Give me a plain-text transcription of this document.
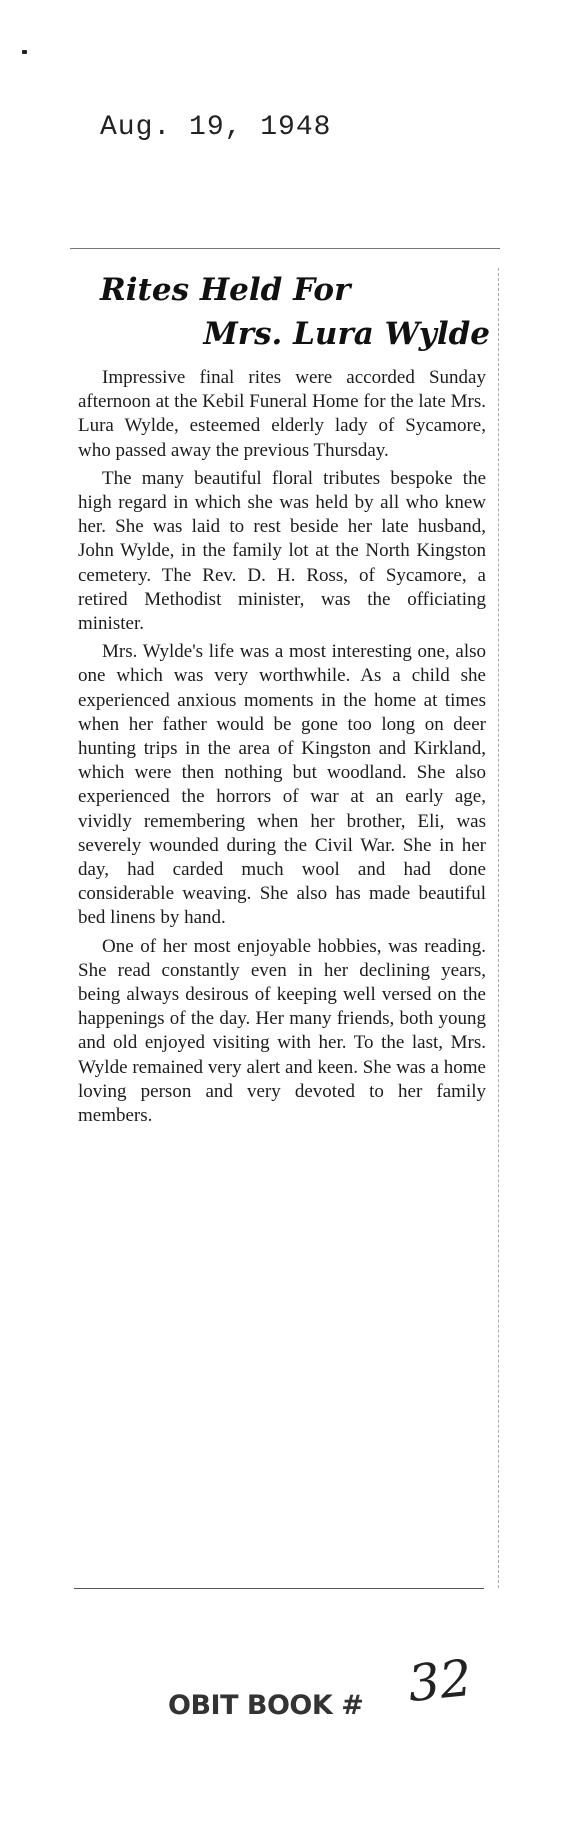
Aug. 19, 1948
Rites Held For
Mrs. Lura Wylde

Impressive final rites were accorded Sunday afternoon at the Kebil Funeral Home for the late Mrs. Lura Wylde, esteemed elderly lady of Sycamore, who passed away the previous Thursday.

The many beautiful floral tributes bespoke the high regard in which she was held by all who knew her. She was laid to rest beside her late husband, John Wylde, in the family lot at the North Kingston cemetery. The Rev. D. H. Ross, of Sycamore, a retired Methodist minister, was the officiating minister.

Mrs. Wylde's life was a most interesting one, also one which was very worthwhile. As a child she experienced anxious moments in the home at times when her father would be gone too long on deer hunting trips in the area of Kingston and Kirkland, which were then nothing but woodland. She also experienced the horrors of war at an early age, vividly remembering when her brother, Eli, was severely wounded during the Civil War. She in her day, had carded much wool and had done considerable weaving. She also has made beautiful bed linens by hand.

One of her most enjoyable hobbies, was reading. She read constantly even in her declining years, being always desirous of keeping well versed on the happenings of the day. Her many friends, both young and old enjoyed visiting with her. To the last, Mrs. Wylde remained very alert and keen. She was a home loving person and very devoted to her family members.

OBIT BOOK # 32
